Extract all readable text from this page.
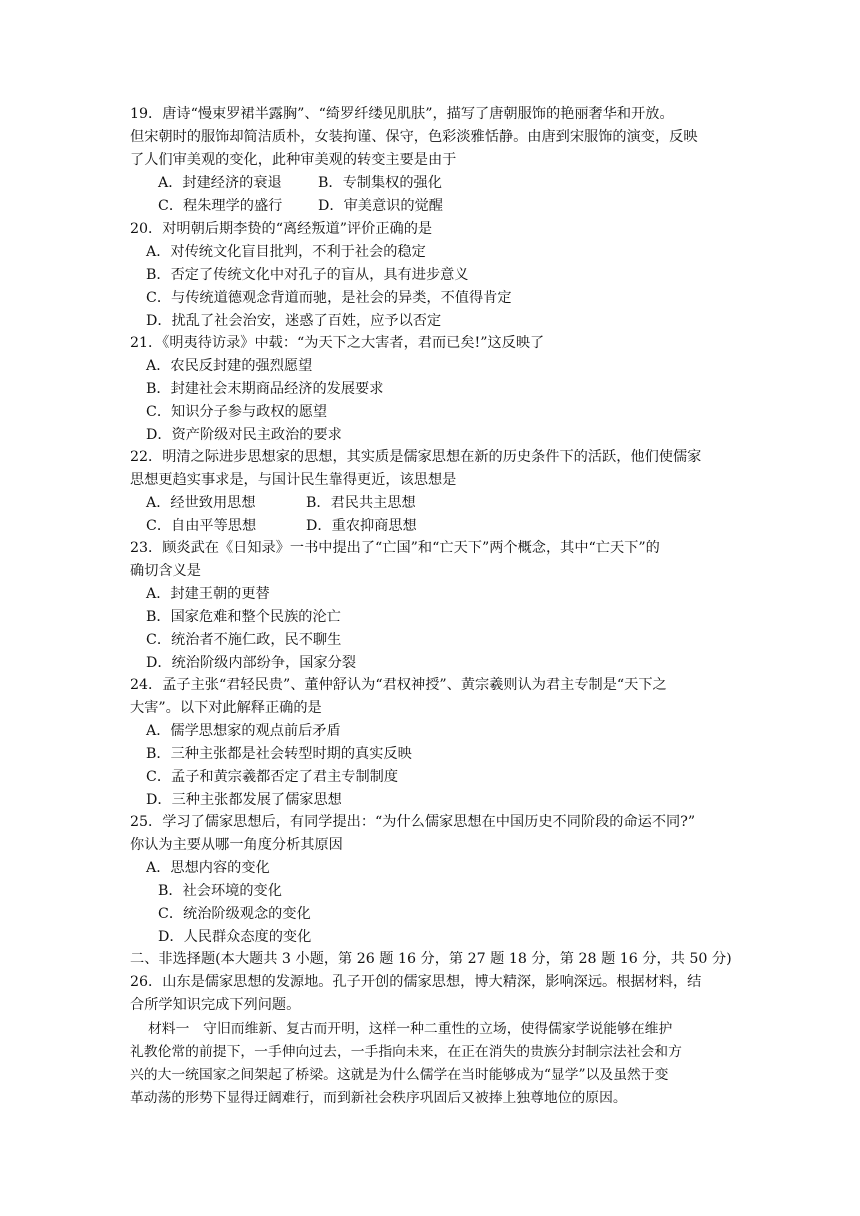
19．唐诗“慢束罗裙半露胸”、“绮罗纤缕见肌肤”，描写了唐朝服饰的艳丽奢华和开放。
但宋朝时的服饰却简洁质朴，女装拘谨、保守，色彩淡雅恬静。由唐到宋服饰的演变，反映
了人们审美观的变化，此种审美观的转变主要是由于
A．封建经济的衰退	B．专制集权的强化
C．程朱理学的盛行	D．审美意识的觉醒
20．对明朝后期李贽的“离经叛道”评价正确的是
A．对传统文化盲目批判，不利于社会的稳定
B．否定了传统文化中对孔子的盲从，具有进步意义
C．与传统道德观念背道而驰，是社会的异类，不值得肯定
D．扰乱了社会治安，迷惑了百姓，应予以否定
21．《明夷待访录》中载：“为天下之大害者，君而已矣!”这反映了
A．农民反封建的强烈愿望
B．封建社会末期商品经济的发展要求
C．知识分子参与政权的愿望
D．资产阶级对民主政治的要求
22．明清之际进步思想家的思想，其实质是儒家思想在新的历史条件下的活跃，他们使儒家
思想更趋实事求是，与国计民生靠得更近，该思想是
A．经世致用思想	B．君民共主思想
C．自由平等思想	D．重农抑商思想
23．顾炎武在《日知录》一书中提出了“亡国”和“亡天下”两个概念，其中“亡天下”的
确切含义是
A．封建王朝的更替
B．国家危难和整个民族的沦亡
C．统治者不施仁政，民不聊生
D．统治阶级内部纷争，国家分裂
24．孟子主张“君轻民贵”、董仲舒认为“君权神授”、黄宗羲则认为君主专制是“天下之
大害”。以下对此解释正确的是
A．儒学思想家的观点前后矛盾
B．三种主张都是社会转型时期的真实反映
C．孟子和黄宗羲都否定了君主专制制度
D．三种主张都发展了儒家思想
25．学习了儒家思想后，有同学提出：“为什么儒家思想在中国历史不同阶段的命运不同?”
你认为主要从哪一角度分析其原因
A．思想内容的变化
B．社会环境的变化
C．统治阶级观念的变化
D．人民群众态度的变化
二、非选择题(本大题共 3 小题，第 26 题 16 分，第 27 题 18 分，第 28 题 16 分，共 50 分)
26．山东是儒家思想的发源地。孔子开创的儒家思想，博大精深，影响深远。根据材料，结
合所学知识完成下列问题。
材料一　守旧而维新、复古而开明，这样一种二重性的立场，使得儒家学说能够在维护
礼教伦常的前提下，一手伸向过去，一手指向未来，在正在消失的贵族分封制宗法社会和方
兴的大一统国家之间架起了桥梁。这就是为什么儒学在当时能够成为“显学”以及虽然于变
革动荡的形势下显得迂阔难行，而到新社会秩序巩固后又被捧上独尊地位的原因。
